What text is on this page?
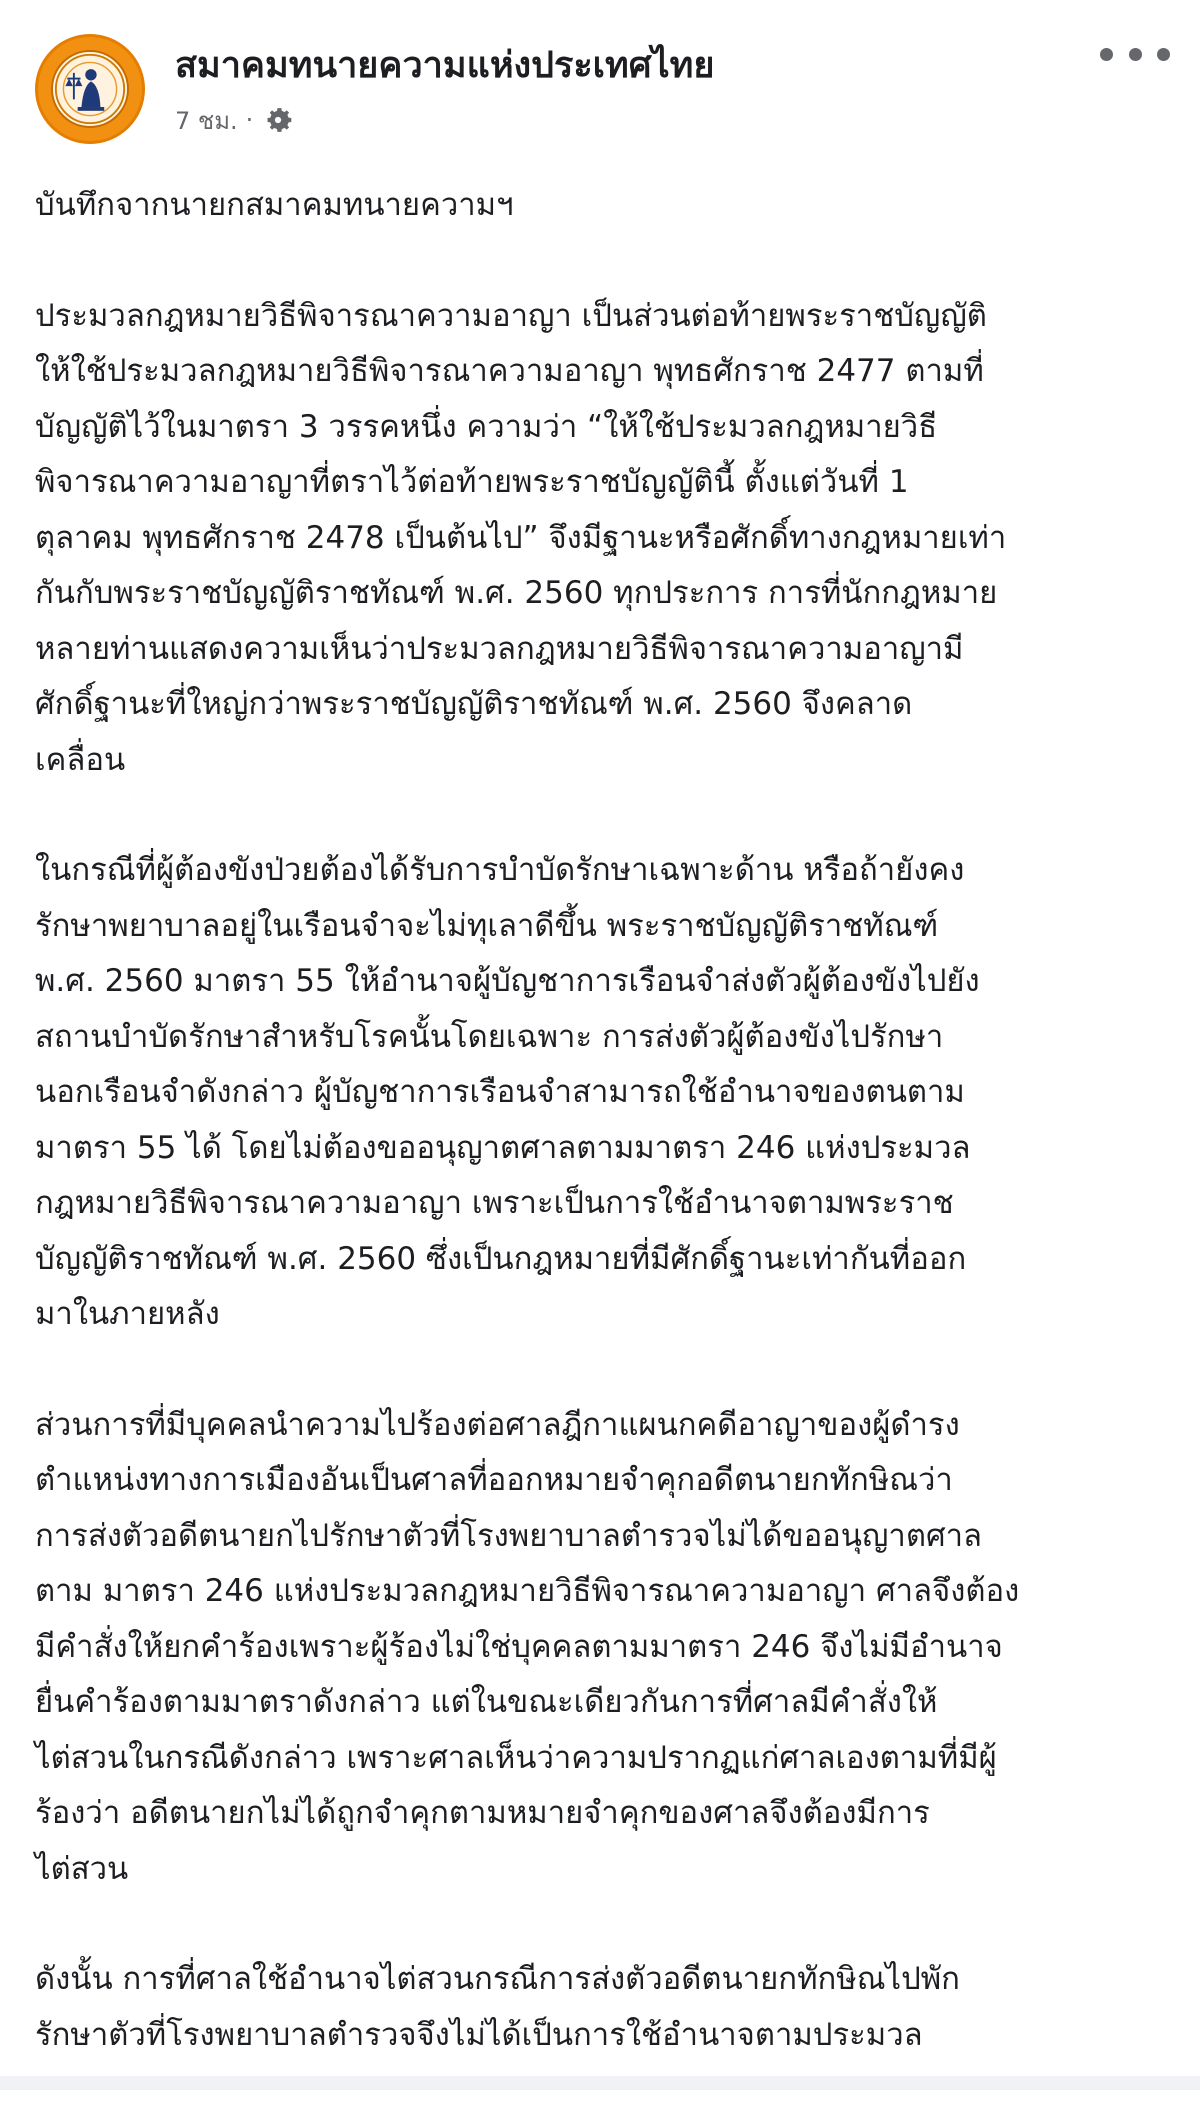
สมาคมทนายความแห่งประเทศไทย
7 ชม. ·
บันทึกจากนายกสมาคมทนายความฯ
ประมวลกฎหมายวิธีพิจารณาความอาญา เป็นส่วนต่อท้ายพระราชบัญญัติ
ให้ใช้ประมวลกฎหมายวิธีพิจารณาความอาญา พุทธศักราช 2477 ตามที่
บัญญัติไว้ในมาตรา 3 วรรคหนึ่ง ความว่า “ให้ใช้ประมวลกฎหมายวิธี
พิจารณาความอาญาที่ตราไว้ต่อท้ายพระราชบัญญัตินี้ ตั้งแต่วันที่ 1
ตุลาคม พุทธศักราช 2478 เป็นต้นไป” จึงมีฐานะหรือศักดิ์ทางกฎหมายเท่า
กันกับพระราชบัญญัติราชทัณฑ์ พ.ศ. 2560 ทุกประการ การที่นักกฎหมาย
หลายท่านแสดงความเห็นว่าประมวลกฎหมายวิธีพิจารณาความอาญามี
ศักดิ์ฐานะที่ใหญ่กว่าพระราชบัญญัติราชทัณฑ์ พ.ศ. 2560 จึงคลาด
เคลื่อน
ในกรณีที่ผู้ต้องขังป่วยต้องได้รับการบำบัดรักษาเฉพาะด้าน หรือถ้ายังคง
รักษาพยาบาลอยู่ในเรือนจำจะไม่ทุเลาดีขึ้น พระราชบัญญัติราชทัณฑ์
พ.ศ. 2560 มาตรา 55 ให้อำนาจผู้บัญชาการเรือนจำส่งตัวผู้ต้องขังไปยัง
สถานบำบัดรักษาสำหรับโรคนั้นโดยเฉพาะ การส่งตัวผู้ต้องขังไปรักษา
นอกเรือนจำดังกล่าว ผู้บัญชาการเรือนจำสามารถใช้อำนาจของตนตาม
มาตรา 55 ได้ โดยไม่ต้องขออนุญาตศาลตามมาตรา 246 แห่งประมวล
กฎหมายวิธีพิจารณาความอาญา เพราะเป็นการใช้อำนาจตามพระราช
บัญญัติราชทัณฑ์ พ.ศ. 2560 ซึ่งเป็นกฎหมายที่มีศักดิ์ฐานะเท่ากันที่ออก
มาในภายหลัง
ส่วนการที่มีบุคคลนำความไปร้องต่อศาลฎีกาแผนกคดีอาญาของผู้ดำรง
ตำแหน่งทางการเมืองอันเป็นศาลที่ออกหมายจำคุกอดีตนายกทักษิณว่า
การส่งตัวอดีตนายกไปรักษาตัวที่โรงพยาบาลตำรวจไม่ได้ขออนุญาตศาล
ตาม มาตรา 246 แห่งประมวลกฎหมายวิธีพิจารณาความอาญา ศาลจึงต้อง
มีคำสั่งให้ยกคำร้องเพราะผู้ร้องไม่ใช่บุคคลตามมาตรา 246 จึงไม่มีอำนาจ
ยื่นคำร้องตามมาตราดังกล่าว แต่ในขณะเดียวกันการที่ศาลมีคำสั่งให้
ไต่สวนในกรณีดังกล่าว เพราะศาลเห็นว่าความปรากฏแก่ศาลเองตามที่มีผู้
ร้องว่า อดีตนายกไม่ได้ถูกจำคุกตามหมายจำคุกของศาลจึงต้องมีการ
ไต่สวน
ดังนั้น การที่ศาลใช้อำนาจไต่สวนกรณีการส่งตัวอดีตนายกทักษิณไปพัก
รักษาตัวที่โรงพยาบาลตำรวจจึงไม่ได้เป็นการใช้อำนาจตามประมวล
